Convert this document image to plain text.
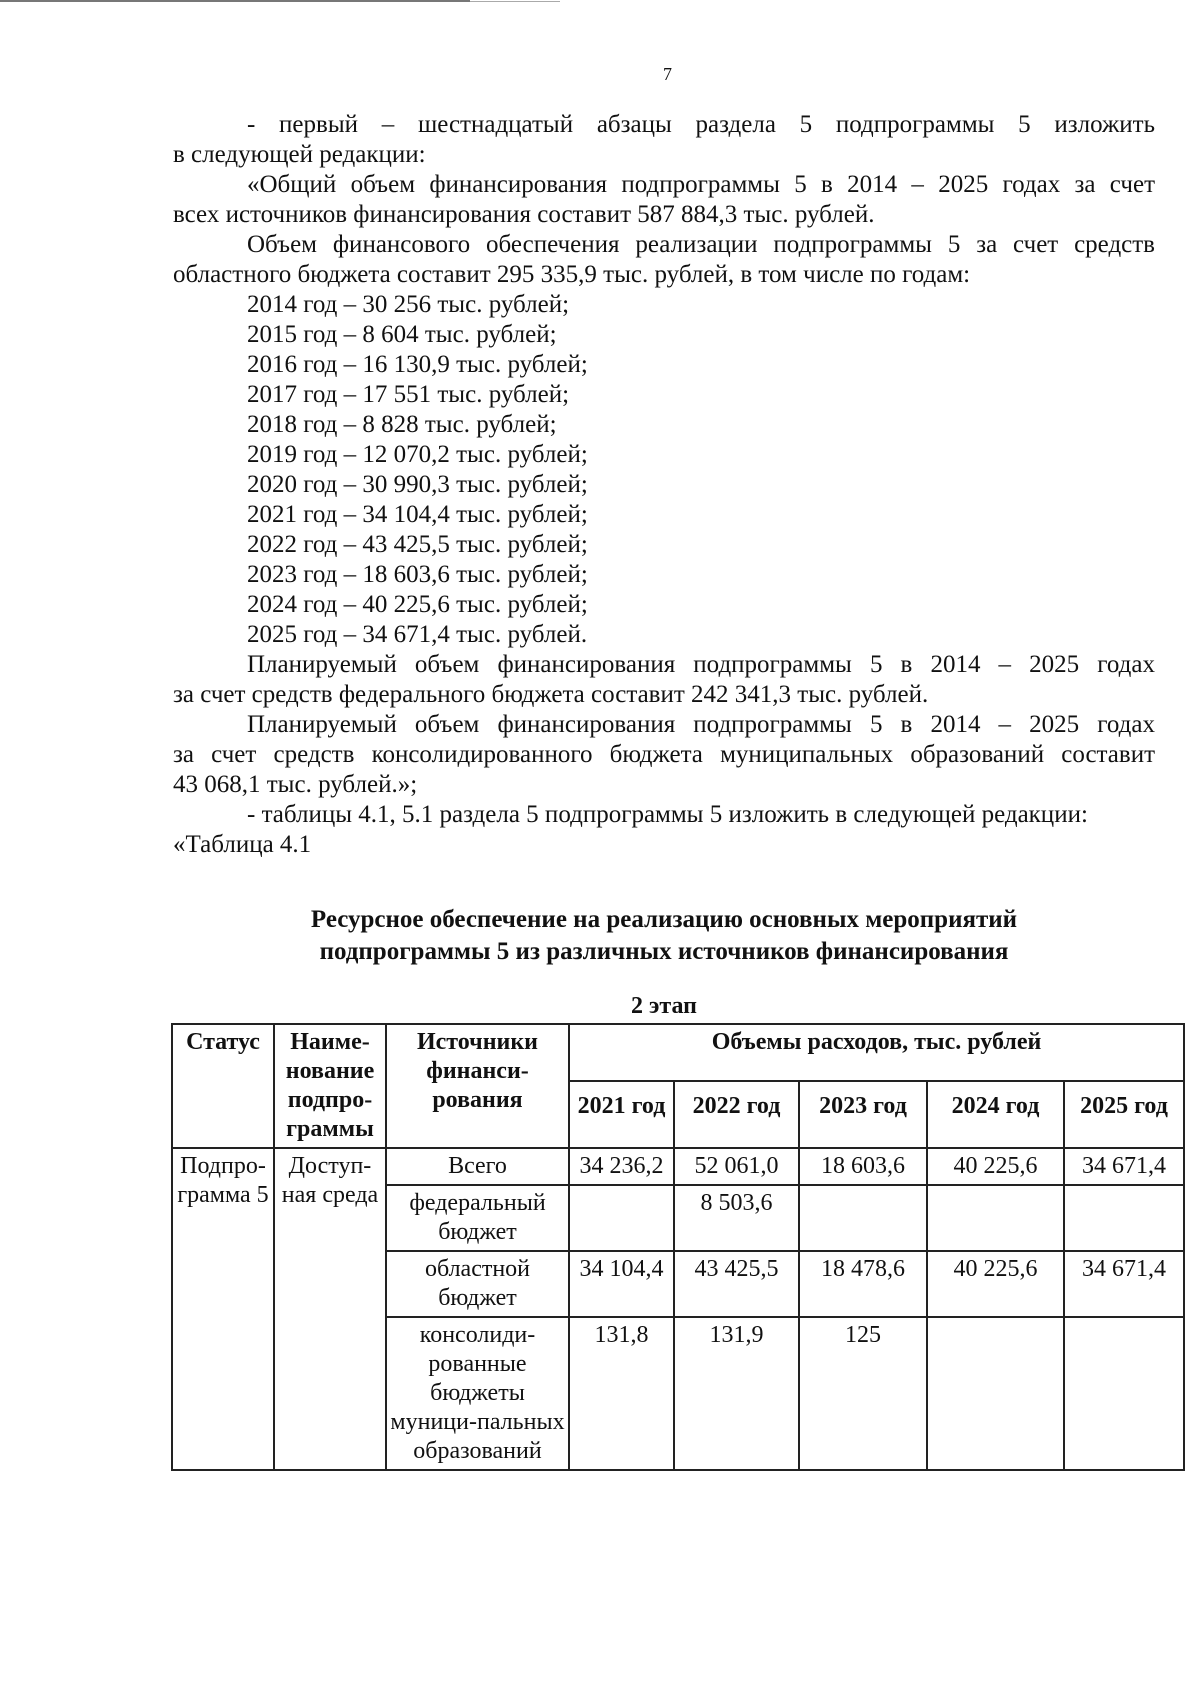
7

- первый – шестнадцатый абзацы раздела 5 подпрограммы 5 изложить

в следующей редакции:

«Общий объем финансирования подпрограммы 5 в 2014 – 2025 годах за счет

всех источников финансирования составит 587 884,3 тыс. рублей.

Объем финансового обеспечения реализации подпрограммы 5 за счет средств

областного бюджета составит 295 335,9 тыс. рублей, в том числе по годам:

2014 год – 30 256 тыс. рублей;

2015 год – 8 604 тыс. рублей;

2016 год – 16 130,9 тыс. рублей;

2017 год – 17 551 тыс. рублей;

2018 год – 8 828 тыс. рублей;

2019 год – 12 070,2 тыс. рублей;

2020 год – 30 990,3 тыс. рублей;

2021 год – 34 104,4 тыс. рублей;

2022 год – 43 425,5 тыс. рублей;

2023 год – 18 603,6 тыс. рублей;

2024 год – 40 225,6 тыс. рублей;

2025 год – 34 671,4 тыс. рублей.

Планируемый объем финансирования подпрограммы 5 в 2014 – 2025 годах

за счет средств федерального бюджета составит 242 341,3 тыс. рублей.

Планируемый объем финансирования подпрограммы 5 в 2014 – 2025 годах

за счет средств консолидированного бюджета муниципальных образований составит

43 068,1 тыс. рублей.»;

- таблицы 4.1, 5.1 раздела 5 подпрограммы 5 изложить в следующей редакции:

«Таблица 4.1

Ресурсное обеспечение на реализацию основных мероприятий
подпрограммы 5 из различных источников финансирования
2 этап
Статус	Наиме-нование подпро-граммы	Источники финанси-рования	Объемы расходов, тыс. рублей				
			2021 год	2022 год	2023 год	2024 год	2025 год
Подпро-грамма 5	Доступ-ная среда	Всего	34 236,2	52 061,0	18 603,6	40 225,6	34 671,4
		федеральный бюджет		8 503,6			
		областной бюджет	34 104,4	43 425,5	18 478,6	40 225,6	34 671,4
		консолиди-рованные бюджеты муници-пальных образований	131,8	131,9	125		
